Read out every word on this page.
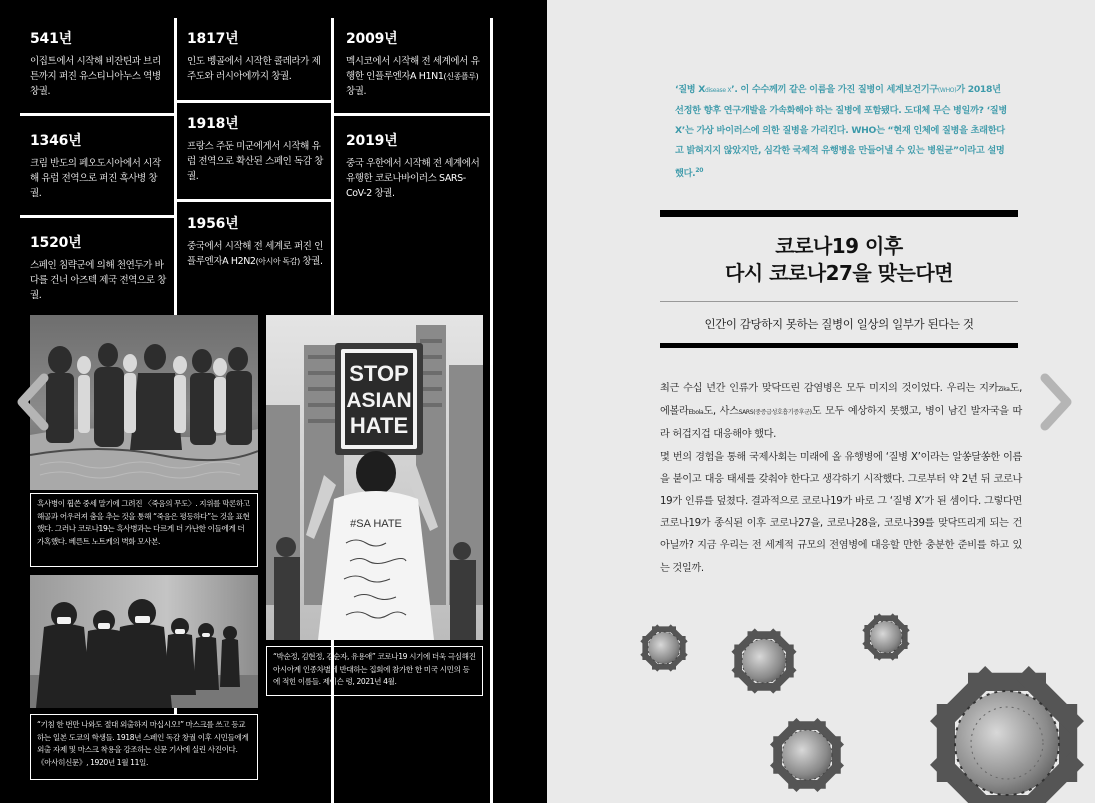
541년
이집트에서 시작해 비잔틴과 브리튼까지 퍼진 유스티니아누스 역병 창궐.
1346년
크림 반도의 페오도시아에서 시작해 유럽 전역으로 퍼진 흑사병 창궐.
1520년
스페인 침략군에 의해 천연두가 바다를 건너 아즈텍 제국 전역으로 창궐.
1817년
인도 벵골에서 시작한 콜레라가 제주도와 러시아에까지 창궐.
1918년
프랑스 주둔 미군에게서 시작해 유럽 전역으로 확산된 스페인 독감 창궐.
1956년
중국에서 시작해 전 세계로 퍼진 인플루엔자A H2N2(아시아 독감) 창궐.
2009년
멕시코에서 시작해 전 세계에서 유행한 인플루엔자A H1N1(신종플루) 창궐.
2019년
중국 우한에서 시작해 전 세계에서 유행한 코로나바이러스 SARS-CoV-2 창궐.
흑사병이 휩쓴 중세 말기에 그려진 〈죽음의 무도〉. 지위를 막론하고 해골과 어우러져 춤을 추는 것을 통해 “죽음은 평등하다”는 것을 표현했다. 그러나 코로나19는 흑사병과는 다르게 더 가난한 이들에게 더 가혹했다. 베른트 노트케의 벽화 모사본.
“기침 한 번만 나와도 절대 외출하지 마십시오!” 마스크를 쓰고 등교하는 일본 도쿄의 학생들. 1918년 스페인 독감 창궐 이후 시민들에게 외출 자제 및 마스크 착용을 강조하는 신문 기사에 실린 사진이다. 《아사히신문》, 1920년 1월 11일.
STOP
ASIAN
HATE
#SA HATE
“박순정, 김현정, 김순자, 유용애” 코로나19 시기에 더욱 극심해진 아시아계 인종차별에 반대하는 집회에 참가한 한 미국 시민의 등에 적힌 이름들. 제이슨 렁, 2021년 4월.
‘질병 Xdisease X’. 이 수수께끼 같은 이름을 가진 질병이 세계보건기구(WHO)가 2018년 선정한 향후 연구개발을 가속화해야 하는 질병에 포함됐다. 도대체 무슨 병일까? ‘질병 X’는 가상 바이러스에 의한 질병을 가리킨다. WHO는 “현재 인체에 질병을 초래한다고 밝혀지지 않았지만, 심각한 국제적 유행병을 만들어낼 수 있는 병원균”이라고 설명했다.$^{20}$
코로나19 이후
다시 코로나27을 맞는다면
인간이 감당하지 못하는 질병이 일상의 일부가 된다는 것

최근 수십 년간 인류가 맞닥뜨린 감염병은 모두 미지의 것이었다. 우리는 지카Zika도, 에볼라Ebola도, 사스SARS(중증급성호흡기증후군)도 모두 예상하지 못했고, 병이 남긴 발자국을 따라 허겁지겁 대응해야 했다.

몇 번의 경험을 통해 국제사회는 미래에 올 유행병에 ‘질병 X’이라는 알쏭달쏭한 이름을 붙이고 대응 태세를 갖춰야 한다고 생각하기 시작했다. 그로부터 약 2년 뒤 코로나19가 인류를 덮쳤다. 결과적으로 코로나19가 바로 그 ‘질병 X’가 된 셈이다. 그렇다면 코로나19가 종식된 이후 코로나27을, 코로나28을, 코로나39를 맞닥뜨리게 되는 건 아닐까? 지금 우리는 전 세계적 규모의 전염병에 대응할 만한 충분한 준비를 하고 있는 것일까.
